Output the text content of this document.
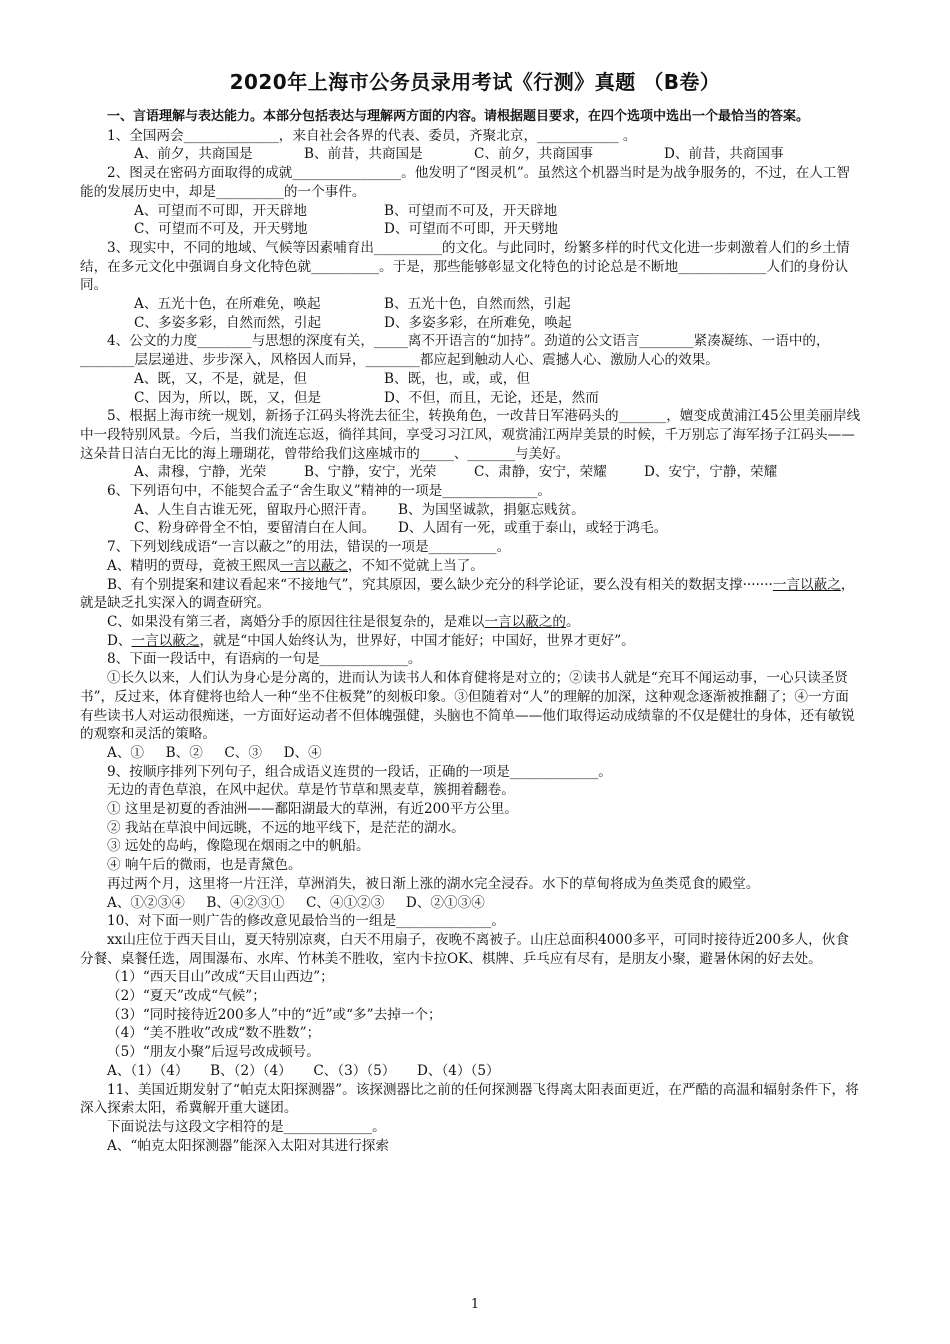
2020年上海市公务员录用考试《行测》真题 （B卷）

一、言语理解与表达能力。本部分包括表达与理解两方面的内容。请根据题目要求，在四个选项中选出一个最恰当的答案。

1、全国两会______________，来自社会各界的代表、委员，齐聚北京，____________ 。

A、前夕，共商国是	B、前昔，共商国是	C、前夕，共商国事	D、前昔，共商国事

2、图灵在密码方面取得的成就________________。他发明了“图灵机”。虽然这个机器当时是为战争服务的，不过，在人工智能的发展历史中，却是__________的一个事件。

A、可望而不可即，开天辟地	B、可望而不可及，开天辟地

C、可望而不可及，开天劈地	D、可望而不可即，开天劈地

3、现实中，不同的地域、气候等因素哺育出__________的文化。与此同时，纷繁多样的时代文化进一步刺激着人们的乡土情结，在多元文化中强调自身文化特色就__________。于是，那些能够彰显文化特色的讨论总是不断地_____________人们的身份认同。

A、五光十色，在所难免，唤起	B、五光十色，自然而然，引起

C、多姿多彩，自然而然，引起	D、多姿多彩，在所难免，唤起

4、公文的力度________与思想的深度有关，_____离不开语言的“加持”。劲道的公文语言________紧凑凝练、一语中的，________层层递进、步步深入，风格因人而异，________都应起到触动人心、震撼人心、激励人心的效果。

A、既，又，不是，就是，但	B、既，也，或，或，但

C、因为，所以，既，又，但是	D、不但，而且，无论，还是，然而

5、根据上海市统一规划，新扬子江码头将洗去征尘，转换角色，一改昔日军港码头的_______，嬗变成黄浦江45公里美丽岸线中一段特别风景。今后，当我们流连忘返，徜徉其间，享受习习江风，观赏浦江两岸美景的时候，千万别忘了海军扬子江码头——这朵昔日洁白无比的海上珊瑚花，曾带给我们这座城市的_____、_______与美好。

A、肃穆，宁静，光荣	B、宁静，安宁，光荣	C、肃静，安宁，荣耀	D、安宁，宁静，荣耀

6、下列语句中，不能契合孟子“舍生取义”精神的一项是______________。

A、人生自古谁无死，留取丹心照汗青。 B、为国坚诚款，捐躯忘贱贫。

C、粉身碎骨全不怕，要留清白在人间。 D、人固有一死，或重于泰山，或轻于鸿毛。

7、下列划线成语“一言以蔽之”的用法，错误的一项是__________。

A、精明的贾母，竟被王熙凤一言以蔽之，不知不觉就上当了。

B、有个别提案和建议看起来“不接地气”，究其原因，要么缺少充分的科学论证，要么没有相关的数据支撑·······一言以蔽之，就是缺乏扎实深入的调查研究。

C、如果没有第三者，离婚分手的原因往往是很复杂的，是难以一言以蔽之的。

D、一言以蔽之，就是“中国人始终认为，世界好，中国才能好；中国好，世界才更好”。

8、下面一段话中，有语病的一句是_____________。

①长久以来，人们认为身心是分离的，进而认为读书人和体育健将是对立的；②读书人就是“充耳不闻运动事，一心只读圣贤书”，反过来，体育健将也给人一种“坐不住板凳”的刻板印象。③但随着对“人”的理解的加深，这种观念逐渐被推翻了；④一方面有些读书人对运动很痴迷，一方面好运动者不但体魄强健，头脑也不简单——他们取得运动成绩靠的不仅是健壮的身体，还有敏锐的观察和灵活的策略。

A、①     B、②     C、③     D、④

9、按顺序排列下列句子，组合成语义连贯的一段话，正确的一项是_____________。

无边的青色草浪，在风中起伏。草是竹节草和黑麦草，簇拥着翻卷。

① 这里是初夏的香油洲——鄱阳湖最大的草洲，有近200平方公里。

② 我站在草浪中间远眺，不远的地平线下，是茫茫的湖水。

③ 远处的岛屿，像隐现在烟雨之中的帆船。

④ 响午后的微雨，也是青黛色。

再过两个月，这里将一片汪洋，草洲消失，被日渐上涨的湖水完全浸吞。水下的草甸将成为鱼类觅食的殿堂。

A、①②③④     B、④②③①     C、④①②③     D、②①③④

10、对下面一则广告的修改意见最恰当的一组是______________。

xx山庄位于西天目山，夏天特别凉爽，白天不用扇子，夜晚不离被子。山庄总面积4000多平，可同时接待近200多人，伙食分餐、桌餐任选，周围瀑布、水库、竹林美不胜收，室内卡拉OK、棋牌、乒乓应有尽有，是朋友小聚，避暑休闲的好去处。

（1）“西天目山”改成“天目山西边”；

（2）“夏天”改成“气候”；

（3）“同时接待近200多人”中的“近”或“多”去掉一个；

（4）“美不胜收”改成“数不胜数”；

（5）“朋友小聚”后逗号改成顿号。

A、（1）（4）     B、（2）（4）     C、（3）（5）     D、（4）（5）

11、美国近期发射了“帕克太阳探测器”。该探测器比之前的任何探测器飞得离太阳表面更近，在严酷的高温和辐射条件下，将深入探索太阳，希冀解开重大谜团。

下面说法与这段文字相符的是_____________。

A、“帕克太阳探测器”能深入太阳对其进行探索

1
